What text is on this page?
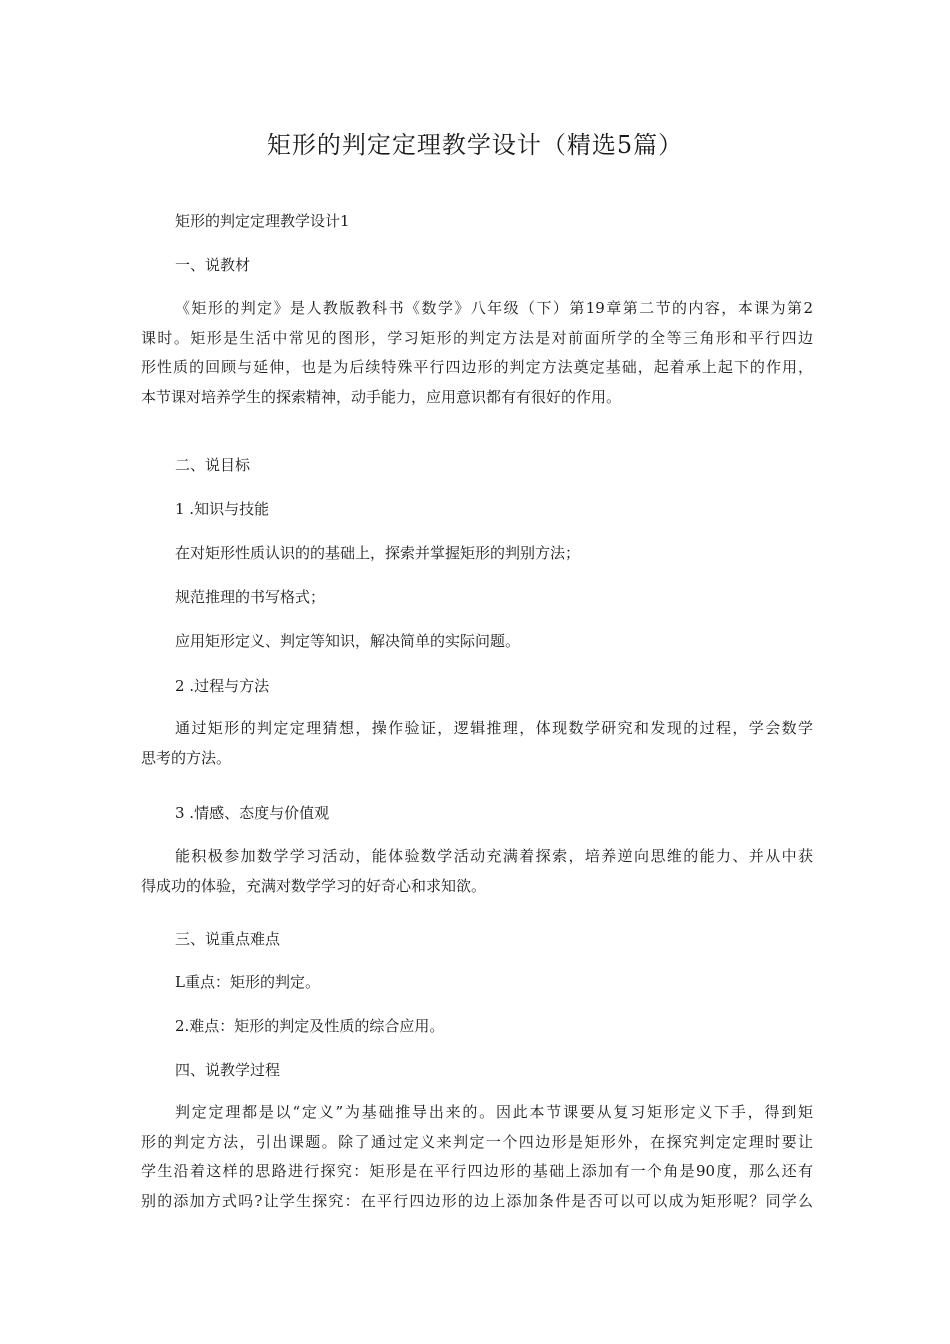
矩形的判定定理教学设计（精选5篇）

矩形的判定定理教学设计1

一、说教材

《矩形的判定》是人教版教科书《数学》八年级（下）第19章第二节的内容，本课为第2
课时。矩形是生活中常见的图形，学习矩形的判定方法是对前面所学的全等三角形和平行四边
形性质的回顾与延伸，也是为后续特殊平行四边形的判定方法奠定基础，起着承上起下的作用，
本节课对培养学生的探索精神，动手能力，应用意识都有有很好的作用。

二、说目标

1 .知识与技能

在对矩形性质认识的的基础上，探索并掌握矩形的判别方法；

规范推理的书写格式；

应用矩形定义、判定等知识，解决简单的实际问题。

2 .过程与方法

通过矩形的判定定理猜想，操作验证，逻辑推理，体现数学研究和发现的过程，学会数学
思考的方法。

3 .情感、态度与价值观

能积极参加数学学习活动，能体验数学活动充满着探索，培养逆向思维的能力、并从中获
得成功的体验，充满对数学学习的好奇心和求知欲。

三、说重点难点

L重点：矩形的判定。

2.难点：矩形的判定及性质的综合应用。

四、说教学过程

判定定理都是以“定义”为基础推导出来的。因此本节课要从复习矩形定义下手，得到矩
形的判定方法，引出课题。除了通过定义来判定一个四边形是矩形外，在探究判定定理时要让
学生沿着这样的思路进行探究：矩形是在平行四边形的基础上添加有一个角是90度，那么还有
别的添加方式吗?让学生探究：在平行四边形的边上添加条件是否可以可以成为矩形呢？同学么
